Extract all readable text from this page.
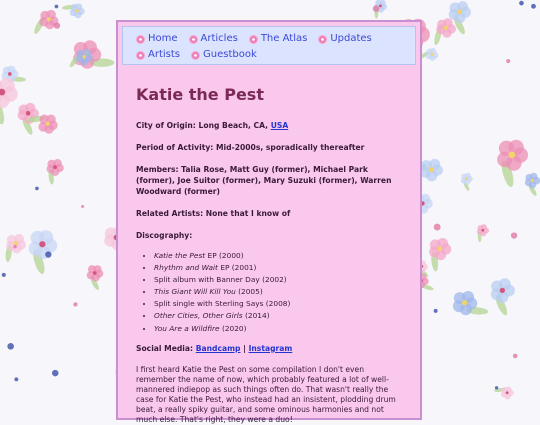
Home Articles The Atlas Updates
Artists Guestbook
Katie the Pest

City of Origin: Long Beach, CA, USA

Period of Activity: Mid-2000s, sporadically thereafter

Members: Talia Rose, Matt Guy (former), Michael Park (former), Joe Suitor (former), Mary Suzuki (former), Warren Woodward (former)

Related Artists: None that I know of

Discography:

• Katie the Pest EP (2000)
• Rhythm and Wait EP (2001)
• Split album with Banner Day (2002)
• This Giant Will Kill You (2005)
• Split single with Sterling Says (2008)
• Other Cities, Other Girls (2014)
• You Are a Wildfire (2020)

Social Media: Bandcamp | Instagram

I first heard Katie the Pest on some compilation I don't even remember the name of now, which probably featured a lot of well-mannered indiepop as such things often do. That wasn't really the case for Katie the Pest, who instead had an insistent, plodding drum beat, a really spiky guitar, and some ominous harmonies and not much else. That's right, they were a duo!
